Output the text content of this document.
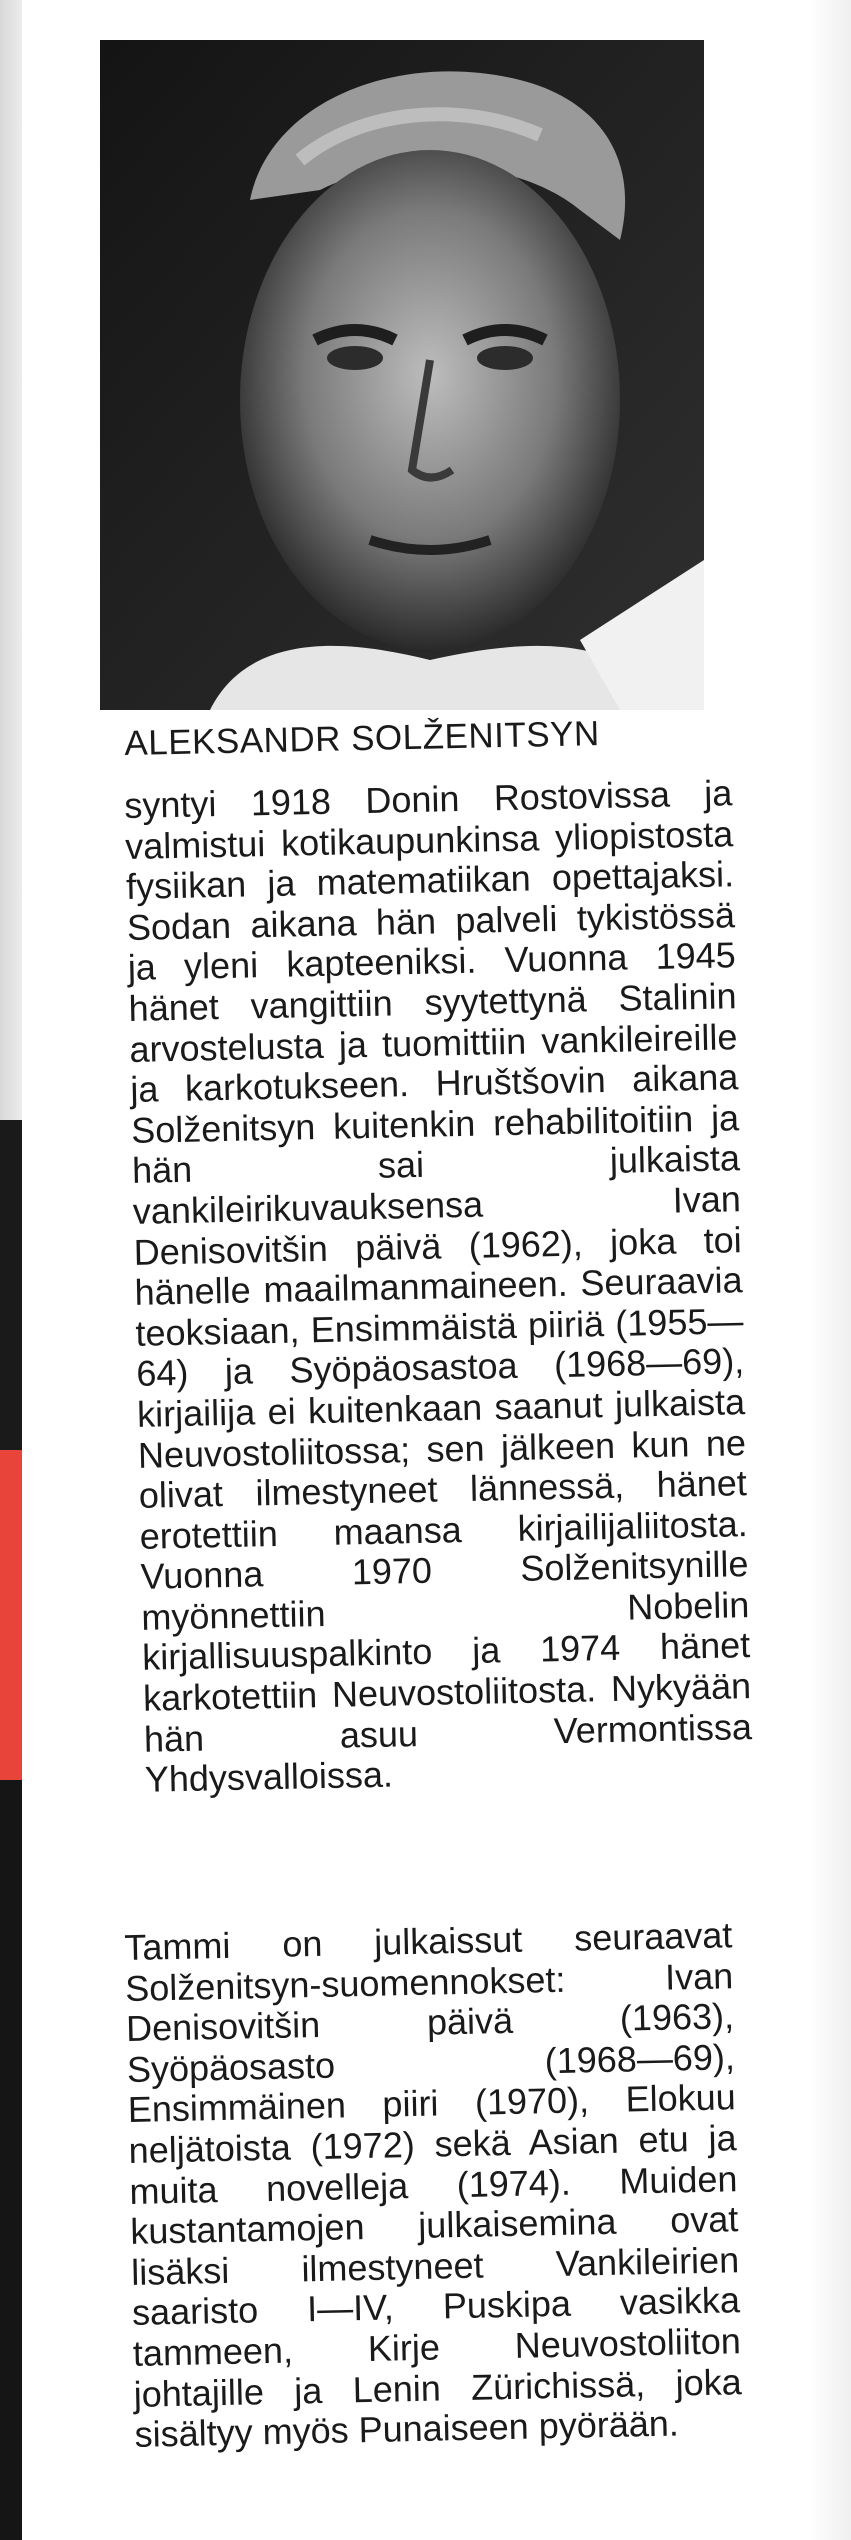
ALEKSANDR SOLŽENITSYN
syntyi 1918 Donin Rostovissa ja valmistui kotikaupunkinsa yliopistosta fysiikan ja matematiikan opettajaksi. Sodan aikana hän palveli tykistössä ja yleni kapteeniksi. Vuonna 1945 hänet vangittiin syytettynä Stalinin arvostelusta ja tuomittiin vankileireille ja karkotukseen. Hruštšovin aikana Solženitsyn kuitenkin rehabilitoitiin ja hän sai julkaista vankileirikuvauksensa Ivan Denisovitšin päivä (1962), joka toi hänelle maailmanmaineen. Seuraavia teoksiaan, Ensimmäistä piiriä (1955—64) ja Syöpäosastoa (1968—69), kirjailija ei kuitenkaan saanut julkaista Neuvostoliitossa; sen jälkeen kun ne olivat ilmestyneet lännessä, hänet erotettiin maansa kirjailijaliitosta. Vuonna 1970 Solženitsynille myönnettiin Nobelin kirjallisuuspalkinto ja 1974 hänet karkotettiin Neuvostoliitosta. Nykyään hän asuu Vermontissa Yhdysvalloissa.
Tammi on julkaissut seuraavat Solženitsyn-suomennokset: Ivan Denisovitšin päivä (1963), Syöpäosasto (1968—69), Ensimmäinen piiri (1970), Elokuu neljätoista (1972) sekä Asian etu ja muita novelleja (1974). Muiden kustantamojen julkaisemina ovat lisäksi ilmestyneet Vankileirien saaristo I—IV, Puskipa vasikka tammeen, Kirje Neuvostoliiton johtajille ja Lenin Zürichissä, joka sisältyy myös Punaiseen pyörään.
